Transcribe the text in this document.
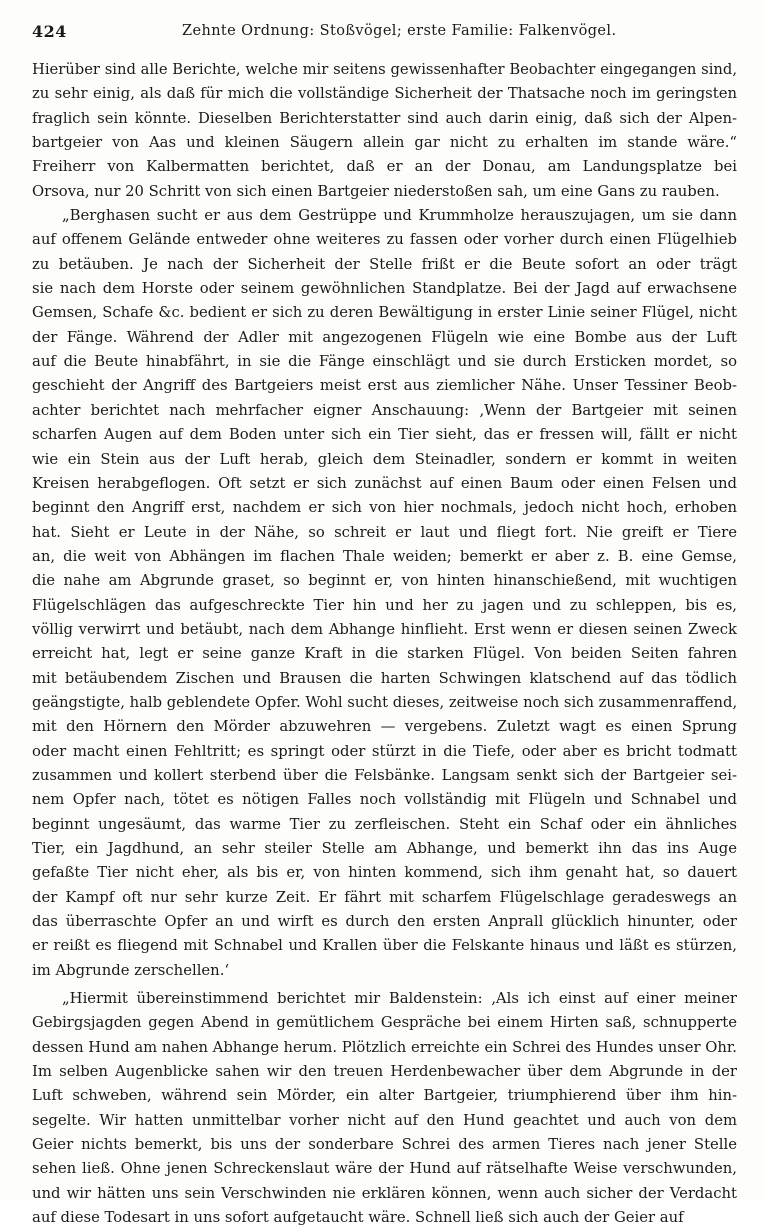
424	Zehnte Ordnung: Stoßvögel; erste Familie: Falkenvögel.
Hierüber sind alle Berichte, welche mir seitens gewissenhafter Beobachter eingegangen sind,
zu sehr einig, als daß für mich die vollständige Sicherheit der Thatsache noch im geringsten
fraglich sein könnte. Dieselben Berichterstatter sind auch darin einig, daß sich der Alpen-
bartgeier von Aas und kleinen Säugern allein gar nicht zu erhalten im stande wäre.“
Freiherr von Kalbermatten berichtet, daß er an der Donau, am Landungsplatze bei
Orsova, nur 20 Schritt von sich einen Bartgeier niederstoßen sah, um eine Gans zu rauben.
„Berghasen sucht er aus dem Gestrüppe und Krummholze herauszujagen, um sie dann
auf offenem Gelände entweder ohne weiteres zu fassen oder vorher durch einen Flügelhieb
zu betäuben. Je nach der Sicherheit der Stelle frißt er die Beute sofort an oder trägt
sie nach dem Horste oder seinem gewöhnlichen Standplatze. Bei der Jagd auf erwachsene
Gemsen, Schafe &c. bedient er sich zu deren Bewältigung in erster Linie seiner Flügel, nicht
der Fänge. Während der Adler mit angezogenen Flügeln wie eine Bombe aus der Luft
auf die Beute hinabfährt, in sie die Fänge einschlägt und sie durch Ersticken mordet, so
geschieht der Angriff des Bartgeiers meist erst aus ziemlicher Nähe. Unser Tessiner Beob-
achter berichtet nach mehrfacher eigner Anschauung: ‚Wenn der Bartgeier mit seinen
scharfen Augen auf dem Boden unter sich ein Tier sieht, das er fressen will, fällt er nicht
wie ein Stein aus der Luft herab, gleich dem Steinadler, sondern er kommt in weiten
Kreisen herabgeflogen. Oft setzt er sich zunächst auf einen Baum oder einen Felsen und
beginnt den Angriff erst, nachdem er sich von hier nochmals, jedoch nicht hoch, erhoben
hat. Sieht er Leute in der Nähe, so schreit er laut und fliegt fort. Nie greift er Tiere
an, die weit von Abhängen im flachen Thale weiden; bemerkt er aber z. B. eine Gemse,
die nahe am Abgrunde graset, so beginnt er, von hinten hinanschießend, mit wuchtigen
Flügelschlägen das aufgeschreckte Tier hin und her zu jagen und zu schleppen, bis es,
völlig verwirrt und betäubt, nach dem Abhange hinflieht. Erst wenn er diesen seinen Zweck
erreicht hat, legt er seine ganze Kraft in die starken Flügel. Von beiden Seiten fahren
mit betäubendem Zischen und Brausen die harten Schwingen klatschend auf das tödlich
geängstigte, halb geblendete Opfer. Wohl sucht dieses, zeitweise noch sich zusammenraffend,
mit den Hörnern den Mörder abzuwehren — vergebens. Zuletzt wagt es einen Sprung
oder macht einen Fehltritt; es springt oder stürzt in die Tiefe, oder aber es bricht todmatt
zusammen und kollert sterbend über die Felsbänke. Langsam senkt sich der Bartgeier sei-
nem Opfer nach, tötet es nötigen Falles noch vollständig mit Flügeln und Schnabel und
beginnt ungesäumt, das warme Tier zu zerfleischen. Steht ein Schaf oder ein ähnliches
Tier, ein Jagdhund, an sehr steiler Stelle am Abhange, und bemerkt ihn das ins Auge
gefaßte Tier nicht eher, als bis er, von hinten kommend, sich ihm genaht hat, so dauert
der Kampf oft nur sehr kurze Zeit. Er fährt mit scharfem Flügelschlage geradeswegs an
das überraschte Opfer an und wirft es durch den ersten Anprall glücklich hinunter, oder
er reißt es fliegend mit Schnabel und Krallen über die Felskante hinaus und läßt es stürzen,
im Abgrunde zerschellen.‘
„Hiermit übereinstimmend berichtet mir Baldenstein: ‚Als ich einst auf einer meiner
Gebirgsjagden gegen Abend in gemütlichem Gespräche bei einem Hirten saß, schnupperte
dessen Hund am nahen Abhange herum. Plötzlich erreichte ein Schrei des Hundes unser Ohr.
Im selben Augenblicke sahen wir den treuen Herdenbewacher über dem Abgrunde in der
Luft schweben, während sein Mörder, ein alter Bartgeier, triumphierend über ihm hin-
segelte. Wir hatten unmittelbar vorher nicht auf den Hund geachtet und auch von dem
Geier nichts bemerkt, bis uns der sonderbare Schrei des armen Tieres nach jener Stelle
sehen ließ. Ohne jenen Schreckenslaut wäre der Hund auf rätselhafte Weise verschwunden,
und wir hätten uns sein Verschwinden nie erklären können, wenn auch sicher der Verdacht
auf diese Todesart in uns sofort aufgetaucht wäre. Schnell ließ sich auch der Geier auf
